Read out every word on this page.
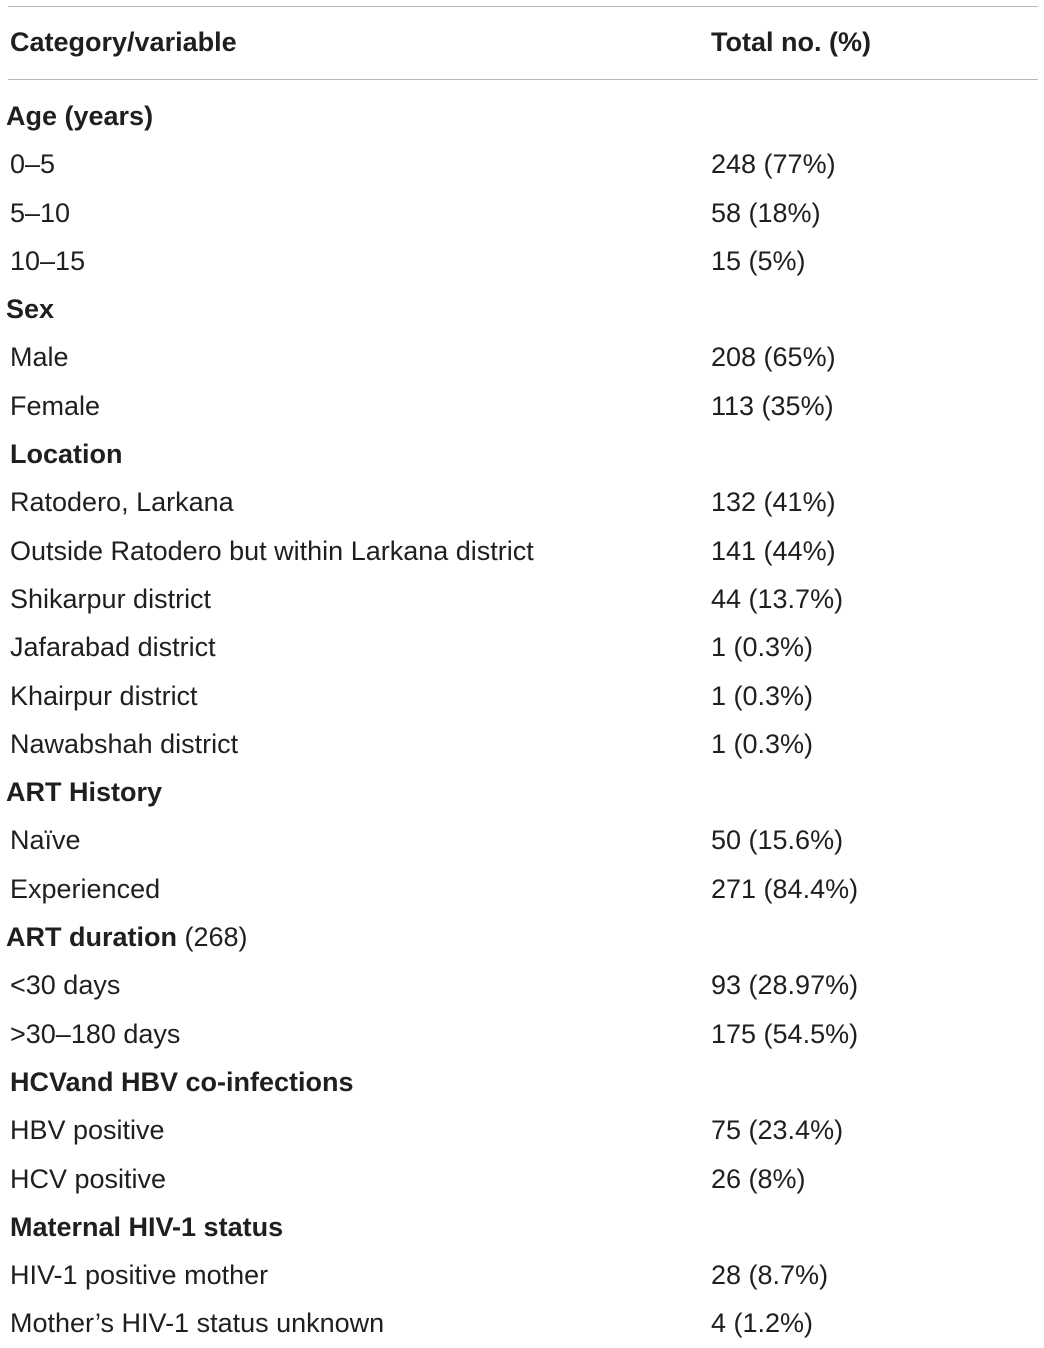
Category/variable	Total no. (%)
Age (years)
0–5	248 (77%)
5–10	58 (18%)
10–15	15 (5%)
Sex
Male	208 (65%)
Female	113 (35%)
Location
Ratodero, Larkana	132 (41%)
Outside Ratodero but within Larkana district	141 (44%)
Shikarpur district	44 (13.7%)
Jafarabad district	1 (0.3%)
Khairpur district	1 (0.3%)
Nawabshah district	1 (0.3%)
ART History
Naïve	50 (15.6%)
Experienced	271 (84.4%)
ART duration (268)
<30 days	93 (28.97%)
>30–180 days	175 (54.5%)
HCVand HBV co-infections
HBV positive	75 (23.4%)
HCV positive	26 (8%)
Maternal HIV-1 status
HIV-1 positive mother	28 (8.7%)
Mother’s HIV-1 status unknown	4 (1.2%)
